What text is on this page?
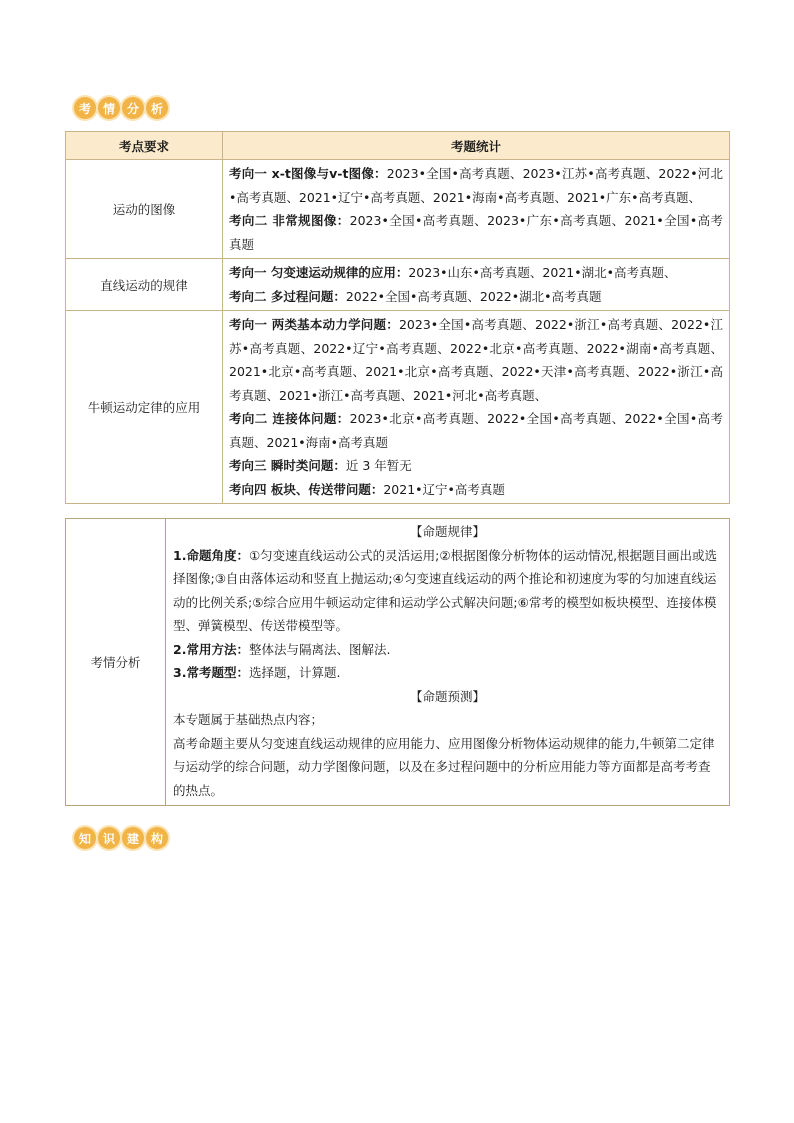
考 情 分 析
考点要求	考题统计
运动的图像	考向一 x-t图像与v-t图像：2023•全国•高考真题、2023•江苏•高考真题、2022•河北•高考真题、2021•辽宁•高考真题、2021•海南•高考真题、2021•广东•高考真题、
考向二 非常规图像：2023•全国•高考真题、2023•广东•高考真题、2021•全国•高考真题
直线运动的规律	考向一 匀变速运动规律的应用：2023•山东•高考真题、2021•湖北•高考真题、
考向二 多过程问题：2022•全国•高考真题、2022•湖北•高考真题
牛顿运动定律的应用	考向一 两类基本动力学问题：2023•全国•高考真题、2022•浙江•高考真题、2022•江苏•高考真题、2022•辽宁•高考真题、2022•北京•高考真题、2022•湖南•高考真题、2021•北京•高考真题、2021•北京•高考真题、2022•天津•高考真题、2022•浙江•高考真题、2021•浙江•高考真题、2021•河北•高考真题、
考向二 连接体问题：2023•北京•高考真题、2022•全国•高考真题、2022•全国•高考真题、2021•海南•高考真题
考向三 瞬时类问题：近 3 年暂无
考向四 板块、传送带问题：2021•辽宁•高考真题
考情分析	
【命题规律】
1.命题角度：①匀变速直线运动公式的灵活运用;②根据图像分析物体的运动情况,根据题目画出或选择图像;③自由落体运动和竖直上抛运动;④匀变速直线运动的两个推论和初速度为零的匀加速直线运动的比例关系;⑤综合应用牛顿运动定律和运动学公式解决问题;⑥常考的模型如板块模型、连接体模型、弹簧模型、传送带模型等。
2.常用方法：整体法与隔离法、图解法.
3.常考题型：选择题，计算题.
【命题预测】
本专题属于基础热点内容；
高考命题主要从匀变速直线运动规律的应用能力、应用图像分析物体运动规律的能力,牛顿第二定律与运动学的综合问题，动力学图像问题，以及在多过程问题中的分析应用能力等方面都是高考考查的热点。
知 识 建 构
